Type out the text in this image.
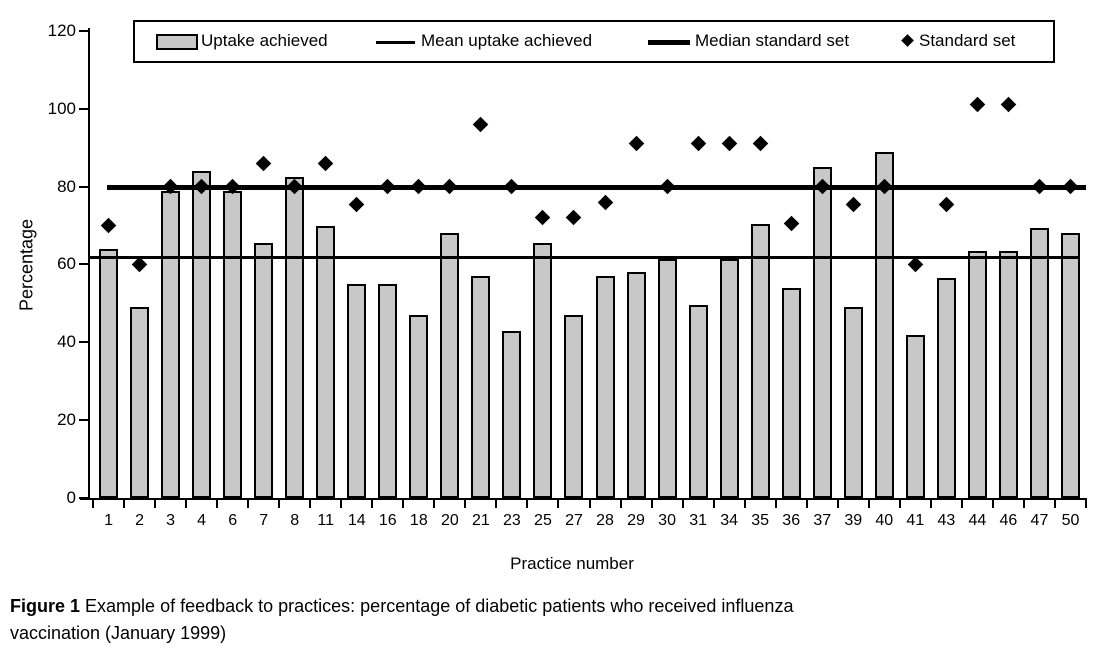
Uptake achieved	Mean uptake achieved	Median standard set	Standard set
0
20
40
60
80
100
120
1	2	3	4	6	7	8	11 14 16 18 20 21 23 25 27 28 29 30 31 34 35 36 37 39 40 41 43 44 46 47 50
Percentage
Practice number
Figure 1 Example of feedback to practices: percentage of diabetic patients who received influenza
vaccination (January 1999)
